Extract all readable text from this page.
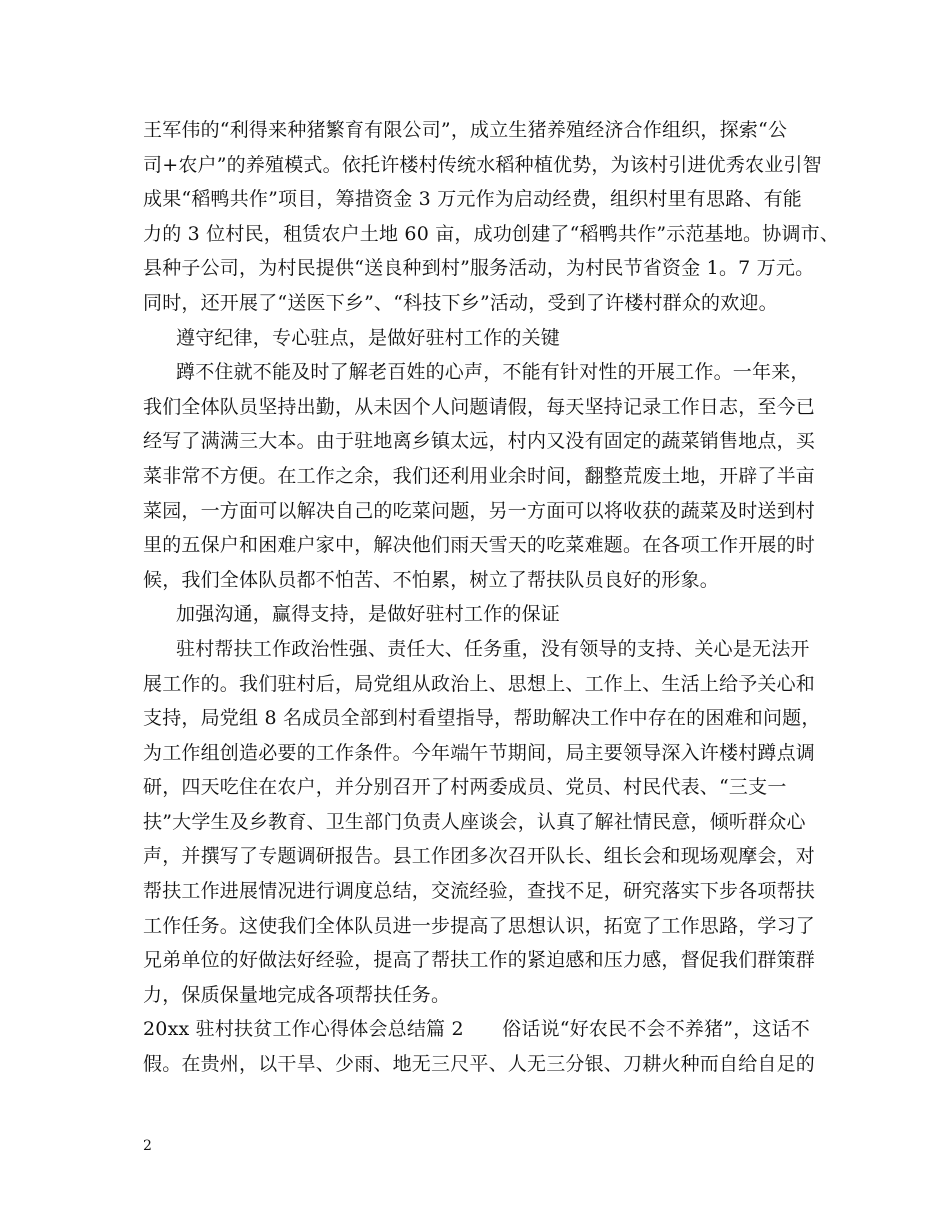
王军伟的“利得来种猪繁育有限公司”，成立生猪养殖经济合作组织，探索“公
司+农户”的养殖模式。依托许楼村传统水稻种植优势，为该村引进优秀农业引智
成果“稻鸭共作”项目，筹措资金 3 万元作为启动经费，组织村里有思路、有能
力的 3 位村民，租赁农户土地 60 亩，成功创建了“稻鸭共作”示范基地。协调市、
县种子公司，为村民提供“送良种到村”服务活动，为村民节省资金 1。7 万元。
同时，还开展了“送医下乡”、“科技下乡”活动，受到了许楼村群众的欢迎。
遵守纪律，专心驻点，是做好驻村工作的关键
蹲不住就不能及时了解老百姓的心声，不能有针对性的开展工作。一年来，
我们全体队员坚持出勤，从未因个人问题请假，每天坚持记录工作日志，至今已
经写了满满三大本。由于驻地离乡镇太远，村内又没有固定的蔬菜销售地点，买
菜非常不方便。在工作之余，我们还利用业余时间，翻整荒废土地，开辟了半亩
菜园，一方面可以解决自己的吃菜问题，另一方面可以将收获的蔬菜及时送到村
里的五保户和困难户家中，解决他们雨天雪天的吃菜难题。在各项工作开展的时
候，我们全体队员都不怕苦、不怕累，树立了帮扶队员良好的形象。
加强沟通，赢得支持，是做好驻村工作的保证
驻村帮扶工作政治性强、责任大、任务重，没有领导的支持、关心是无法开
展工作的。我们驻村后，局党组从政治上、思想上、工作上、生活上给予关心和
支持，局党组 8 名成员全部到村看望指导，帮助解决工作中存在的困难和问题，
为工作组创造必要的工作条件。今年端午节期间，局主要领导深入许楼村蹲点调
研，四天吃住在农户，并分别召开了村两委成员、党员、村民代表、“三支一
扶”大学生及乡教育、卫生部门负责人座谈会，认真了解社情民意，倾听群众心
声，并撰写了专题调研报告。县工作团多次召开队长、组长会和现场观摩会，对
帮扶工作进展情况进行调度总结，交流经验，查找不足，研究落实下步各项帮扶
工作任务。这使我们全体队员进一步提高了思想认识，拓宽了工作思路，学习了
兄弟单位的好做法好经验，提高了帮扶工作的紧迫感和压力感，督促我们群策群
力，保质保量地完成各项帮扶任务。
20xx 驻村扶贫工作心得体会总结篇 2　　俗话说“好农民不会不养猪”，这话不
假。在贵州，以干旱、少雨、地无三尺平、人无三分银、刀耕火种而自给自足的
2
